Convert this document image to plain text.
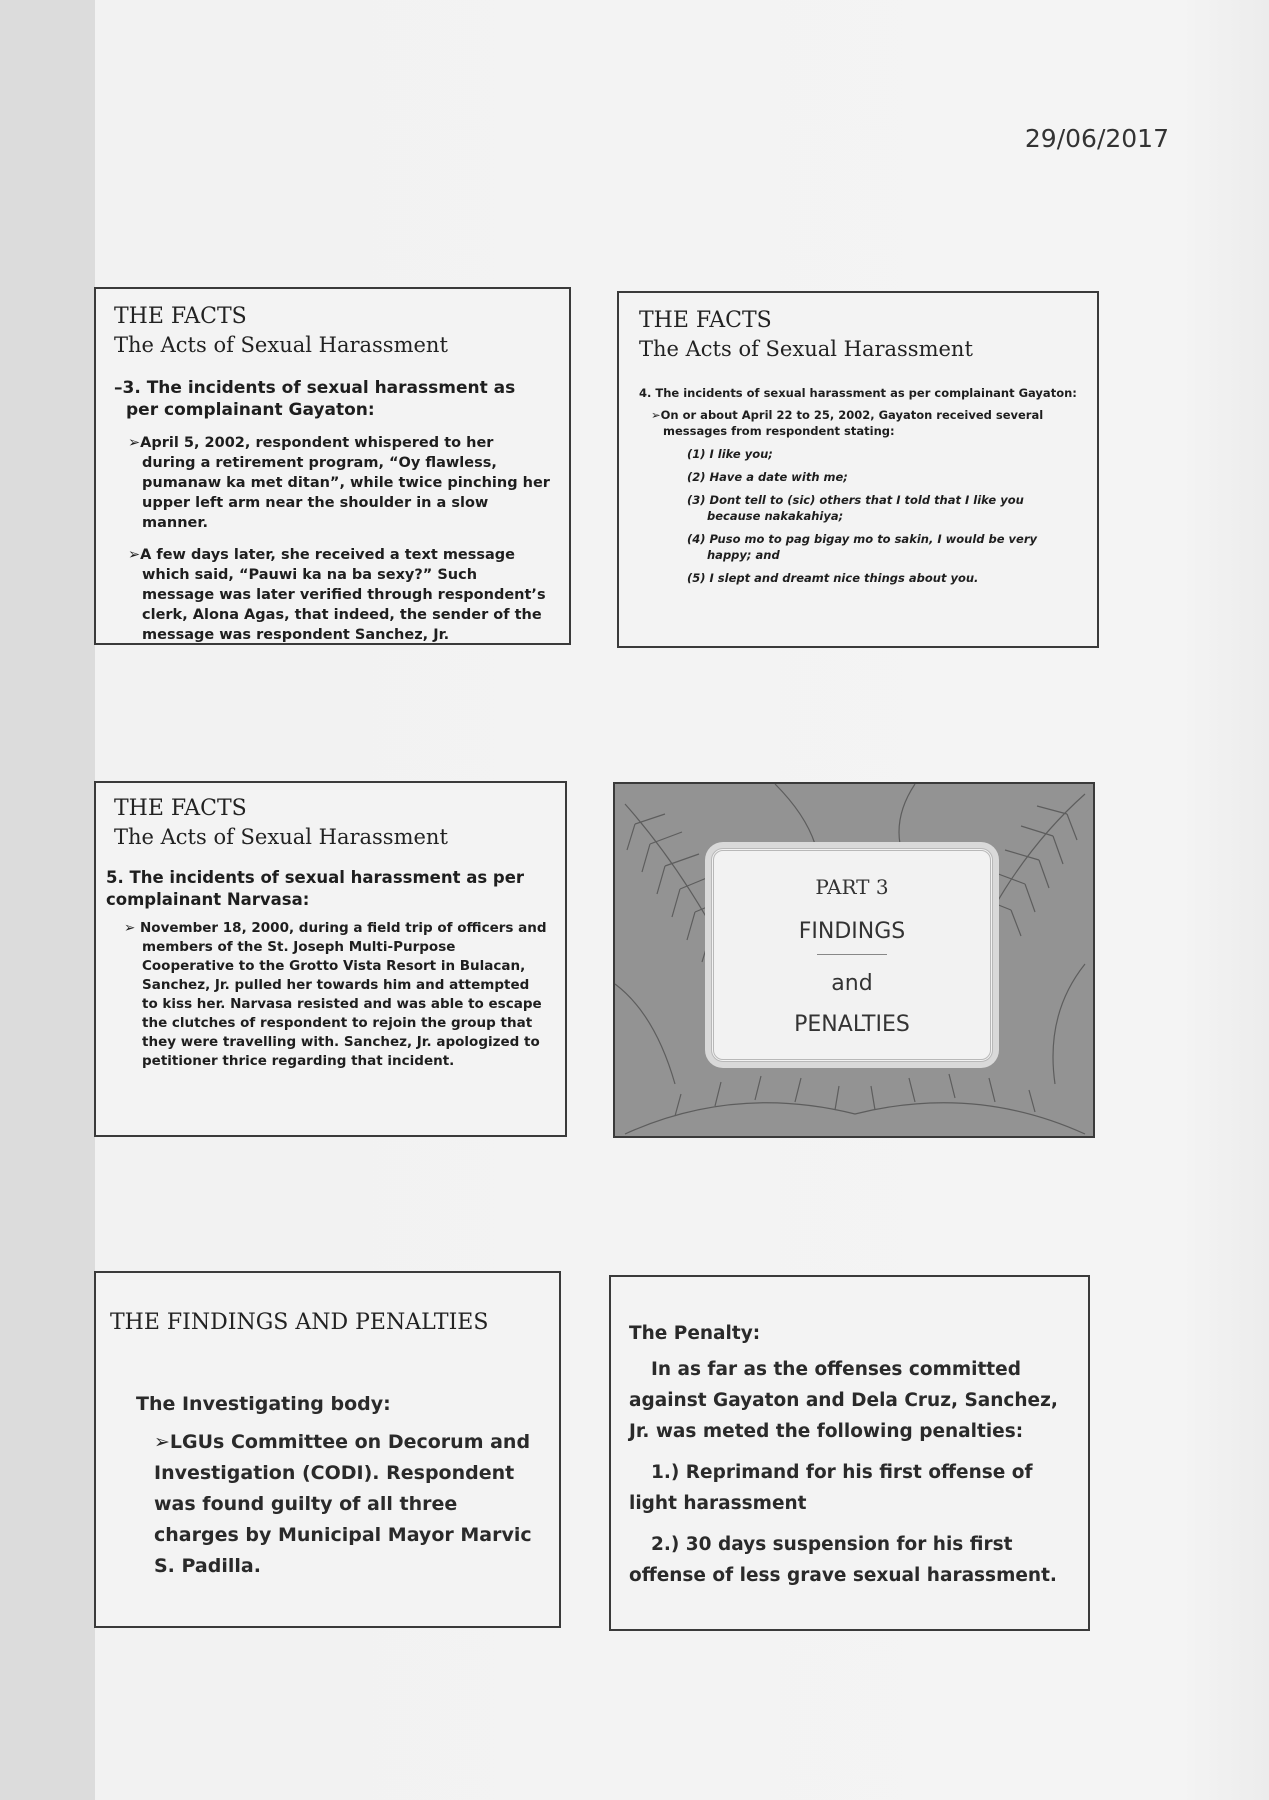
29/06/2017
THE FACTS
The Acts of Sexual Harassment
–3. The incidents of sexual harassment as per complainant Gayaton:
➢April 5, 2002, respondent whispered to her during a retirement program, “Oy flawless, pumanaw ka met ditan”, while twice pinching her upper left arm near the shoulder in a slow manner.
➢A few days later, she received a text message which said, “Pauwi ka na ba sexy?” Such message was later verified through respondent’s clerk, Alona Agas, that indeed, the sender of the message was respondent Sanchez, Jr.
THE FACTS
The Acts of Sexual Harassment
4. The incidents of sexual harassment as per complainant Gayaton:
➢On or about April 22 to 25, 2002, Gayaton received several messages from respondent stating:
(1) I like you;
(2) Have a date with me;
(3) Dont tell to (sic) others that I told that I like you
because nakakahiya;
(4) Puso mo to pag bigay mo to sakin, I would be very
happy; and
(5) I slept and dreamt nice things about you.
THE FACTS
The Acts of Sexual Harassment
5. The incidents of sexual harassment as per complainant Narvasa:
➢ November 18, 2000, during a field trip of officers and members of the St. Joseph Multi-Purpose Cooperative to the Grotto Vista Resort in Bulacan, Sanchez, Jr. pulled her towards him and attempted to kiss her. Narvasa resisted and was able to escape the clutches of respondent to rejoin the group that they were travelling with. Sanchez, Jr. apologized to petitioner thrice regarding that incident.
PART 3
FINDINGS
and
PENALTIES
THE FINDINGS AND PENALTIES
The Investigating body:
➢LGUs Committee on Decorum and Investigation (CODI). Respondent was found guilty of all three charges by Municipal Mayor Marvic S. Padilla.
The Penalty:
In as far as the offenses committed against Gayaton and Dela Cruz, Sanchez, Jr. was meted the following penalties:
1.) Reprimand for his first offense of light harassment
2.) 30 days suspension for his first offense of less grave sexual harassment.
